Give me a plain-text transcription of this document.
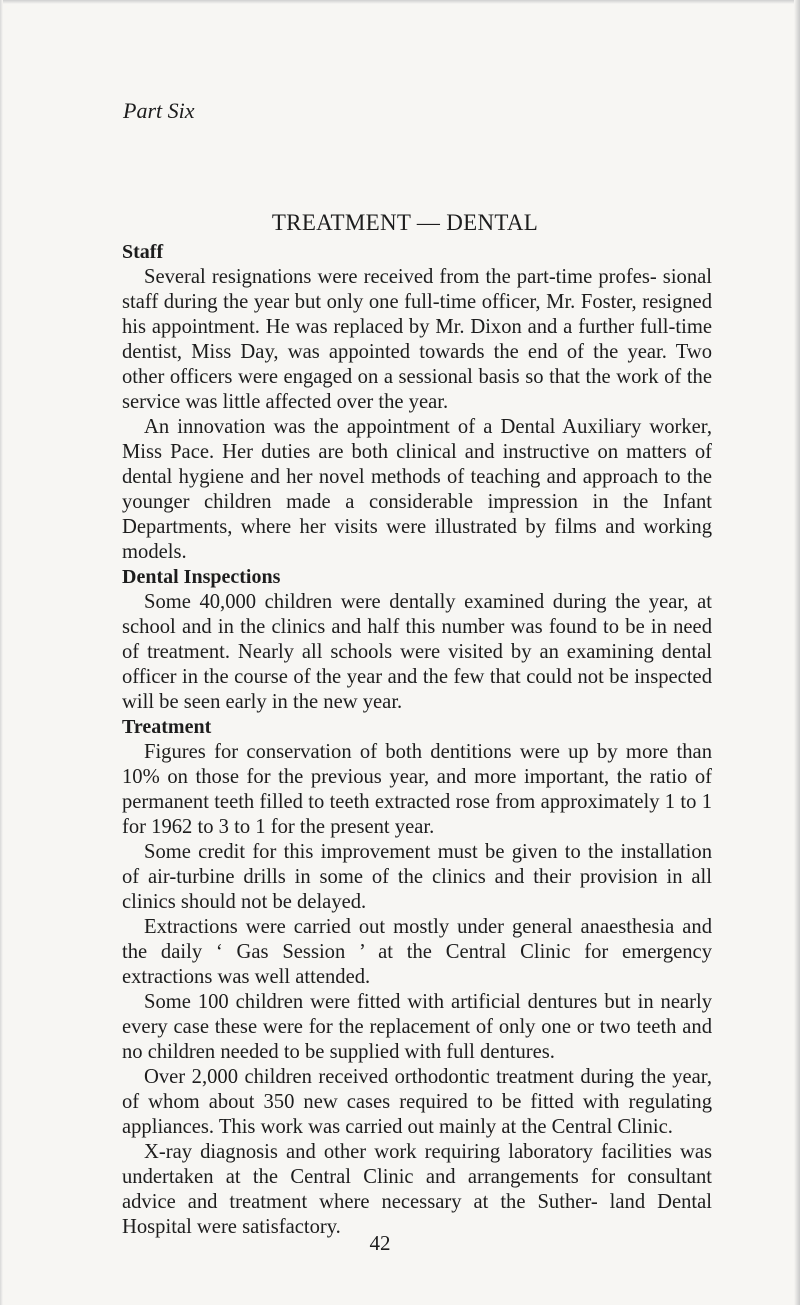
Part Six
TREATMENT — DENTAL
Staff

Several resignations were received from the part-time profes- sional staff during the year but only one full-time officer, Mr. Foster, resigned his appointment. He was replaced by Mr. Dixon and a further full-time dentist, Miss Day, was appointed towards the end of the year. Two other officers were engaged on a sessional basis so that the work of the service was little affected over the year.

An innovation was the appointment of a Dental Auxiliary worker, Miss Pace. Her duties are both clinical and instructive on matters of dental hygiene and her novel methods of teaching and approach to the younger children made a considerable impression in the Infant Departments, where her visits were illustrated by films and working models.

Dental Inspections

Some 40,000 children were dentally examined during the year, at school and in the clinics and half this number was found to be in need of treatment. Nearly all schools were visited by an examining dental officer in the course of the year and the few that could not be inspected will be seen early in the new year.

Treatment

Figures for conservation of both dentitions were up by more than 10% on those for the previous year, and more important, the ratio of permanent teeth filled to teeth extracted rose from approximately 1 to 1 for 1962 to 3 to 1 for the present year.

Some credit for this improvement must be given to the installation of air-turbine drills in some of the clinics and their provision in all clinics should not be delayed.

Extractions were carried out mostly under general anaesthesia and the daily ‘ Gas Session ’ at the Central Clinic for emergency extractions was well attended.

Some 100 children were fitted with artificial dentures but in nearly every case these were for the replacement of only one or two teeth and no children needed to be supplied with full dentures.

Over 2,000 children received orthodontic treatment during the year, of whom about 350 new cases required to be fitted with regulating appliances. This work was carried out mainly at the Central Clinic.

X-ray diagnosis and other work requiring laboratory facilities was undertaken at the Central Clinic and arrangements for consultant advice and treatment where necessary at the Suther- land Dental Hospital were satisfactory.

42
